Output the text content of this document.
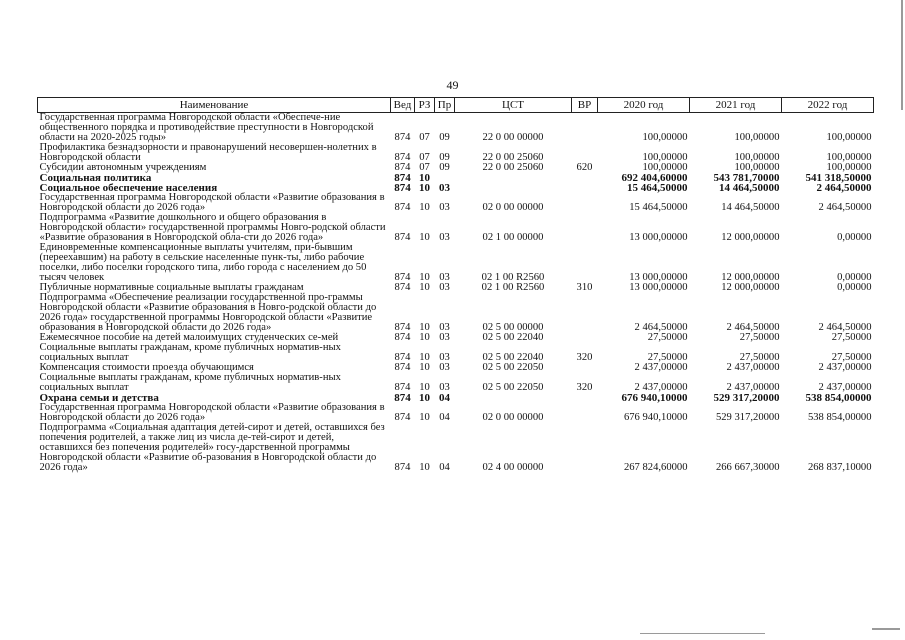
49
Наименование	Вед	РЗ	Пр	ЦСТ	ВР	2020 год	2021 год	2022 год
Государственная программа Новгородской области «Обеспече-ние общественного порядка и противодействие преступности в Новгородской области на 2020-2025 годы»	874	07	09	22 0 00 00000		100,00000	100,00000	100,00000
Профилактика безнадзорности и правонарушений несовершен-нолетних в Новгородской области	874	07	09	22 0 00 25060		100,00000	100,00000	100,00000
Субсидии автономным учреждениям	874	07	09	22 0 00 25060	620	100,00000	100,00000	100,00000
Социальная политика	874	10				692 404,60000	543 781,70000	541 318,50000
Социальное обеспечение населения	874	10	03			15 464,50000	14 464,50000	2 464,50000
Государственная программа Новгородской области «Развитие образования в Новгородской области до 2026 года»	874	10	03	02 0 00 00000		15 464,50000	14 464,50000	2 464,50000
Подпрограмма «Развитие дошкольного и общего образования в Новгородской области» государственной программы Новго-родской области «Развитие образования в Новгородской обла-сти до 2026 года»	874	10	03	02 1 00 00000		13 000,00000	12 000,00000	0,00000
Единовременные компенсационные выплаты учителям, при-бывшим (переехавшим) на работу в сельские населенные пунк-ты, либо рабочие поселки, либо поселки городского типа, либо города с населением до 50 тысяч человек	874	10	03	02 1 00 R2560		13 000,00000	12 000,00000	0,00000
Публичные нормативные социальные выплаты гражданам	874	10	03	02 1 00 R2560	310	13 000,00000	12 000,00000	0,00000
Подпрограмма «Обеспечение реализации государственной про-граммы Новгородской области «Развитие образования в Новго-родской области до 2026 года» государственной программы Новгородской области «Развитие образования в Новгородской области до 2026 года»	874	10	03	02 5 00 00000		2 464,50000	2 464,50000	2 464,50000
Ежемесячное пособие на детей малоимущих студенческих се-мей	874	10	03	02 5 00 22040		27,50000	27,50000	27,50000
Социальные выплаты гражданам, кроме публичных норматив-ных социальных выплат	874	10	03	02 5 00 22040	320	27,50000	27,50000	27,50000
Компенсация стоимости проезда обучающимся	874	10	03	02 5 00 22050		2 437,00000	2 437,00000	2 437,00000
Социальные выплаты гражданам, кроме публичных норматив-ных социальных выплат	874	10	03	02 5 00 22050	320	2 437,00000	2 437,00000	2 437,00000
Охрана семьи и детства	874	10	04			676 940,10000	529 317,20000	538 854,00000
Государственная программа Новгородской области «Развитие образования в Новгородской области до 2026 года»	874	10	04	02 0 00 00000		676 940,10000	529 317,20000	538 854,00000
Подпрограмма «Социальная адаптация детей-сирот и детей, оставшихся без попечения родителей, а также лиц из числа де-тей-сирот и детей, оставшихся без попечения родителей» госу-дарственной программы Новгородской области «Развитие об-разования в Новгородской области до 2026 года»	874	10	04	02 4 00 00000		267 824,60000	266 667,30000	268 837,10000
